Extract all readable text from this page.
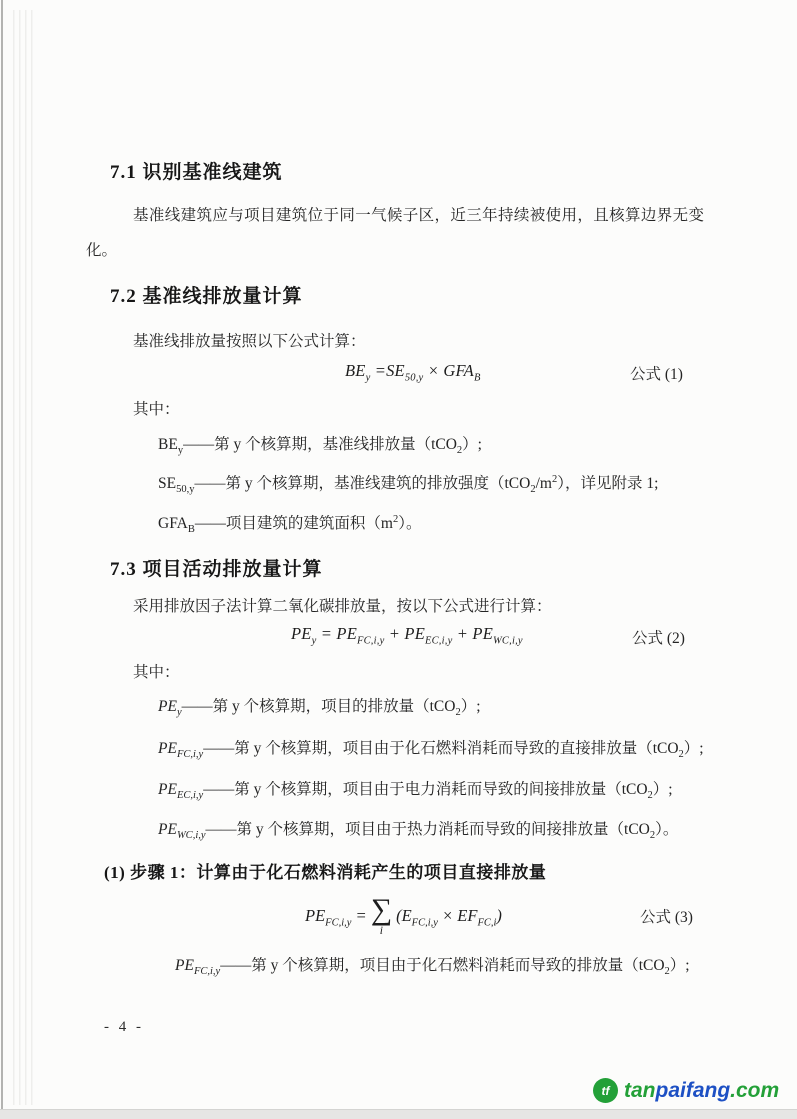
7.1 识别基准线建筑
基准线建筑应与项目建筑位于同一气候子区，近三年持续被使用，且核算边界无变化。
7.2 基准线排放量计算
基准线排放量按照以下公式计算：
$BE_y =SE_{50,y} \times GFA_B$	公式 (1)
其中：
$BE_y——$第 y 个核算期，基准线排放量（tCO$_2$）;
$SE_{50,y}——$第 y 个核算期，基准线建筑的排放强度$(tCO_2/m^2)$，详见附录 1;
$GFA_B——$项目建筑的建筑面积$(m^2)$。
7.3 项目活动排放量计算
采用排放因子法计算二氧化碳排放量，按以下公式进行计算：
$PE_y = PE_{FC,i,y} + PE_{EC,i,y} + PE_{WC,i,y}$	公式 (2)
其中：
$PE_y——$第 y 个核算期，项目的排放量（tCO$_2$）;
$PE_{FC,i,y}——$第 y 个核算期，项目由于化石燃料消耗而导致的直接排放量（tCO$_2$）;
$PE_{EC,i,y}——$第 y 个核算期，项目由于电力消耗而导致的间接排放量（tCO$_2$）;
$PE_{WC,i,y}——$第 y 个核算期，项目由于热力消耗而导致的间接排放量（tCO$_2$）。
(1) 步骤 1：计算由于化石燃料消耗产生的项目直接排放量
$PE_{FC,i,y}$ = ∑
i
$(E_{FC,i,y} \times EF_{FC,i})$	公式 (3)
$PE_{FC,i,y}——$第 y 个核算期，项目由于化石燃料消耗而导致的排放量（tCO$_2$）;
- 4 -
tf tanpaifang.com
